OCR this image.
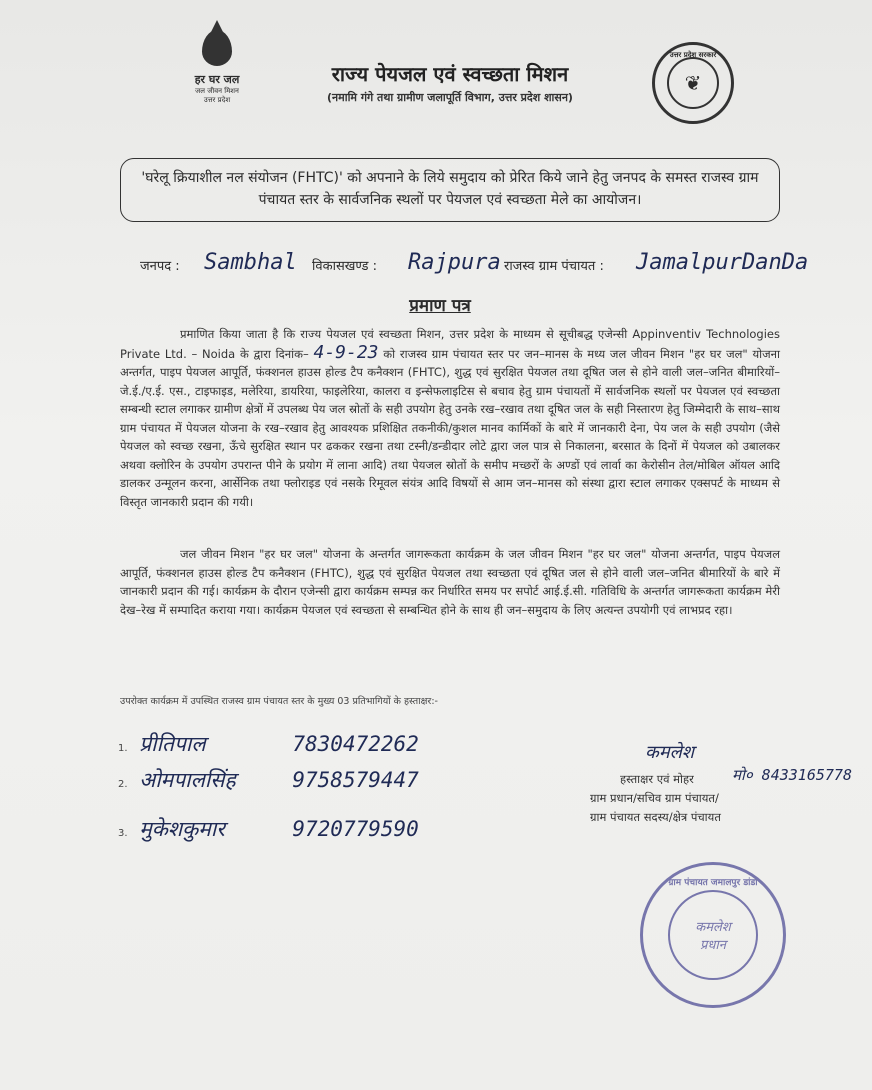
हर घर जल
जल जीवन मिशन
उत्तर प्रदेश
राज्य पेयजल एवं स्वच्छता मिशन
(नमामि गंगे तथा ग्रामीण जलापूर्ति विभाग, उत्तर प्रदेश शासन)
उत्तर प्रदेश सरकार
❦
'घरेलू क्रियाशील नल संयोजन (FHTC)' को अपनाने के लिये समुदाय को प्रेरित किये जाने हेतु जनपद के समस्त राजस्व ग्राम पंचायत स्तर के सार्वजनिक स्थलों पर पेयजल एवं स्वच्छता मेले का आयोजन।
जनपद : Sambhal विकासखण्ड : Rajpura राजस्व ग्राम पंचायत : JamalpurDanDa
प्रमाण पत्र
प्रमाणित किया जाता है कि राज्य पेयजल एवं स्वच्छता मिशन, उत्तर प्रदेश के माध्यम से सूचीबद्ध एजेन्सी Appinventiv Technologies Private Ltd. – Noida के द्वारा दिनांक– 4-9-23 को राजस्व ग्राम पंचायत स्तर पर जन–मानस के मध्य जल जीवन मिशन "हर घर जल" योजना अन्तर्गत, पाइप पेयजल आपूर्ति, फंक्शनल हाउस होल्ड टैप कनैक्शन (FHTC), शुद्ध एवं सुरक्षित पेयजल तथा दूषित जल से होने वाली जल–जनित बीमारियों–जे.ई./ए.ई. एस., टाइफाइड, मलेरिया, डायरिया, फाइलेरिया, कालरा व इन्सेफलाइटिस से बचाव हेतु ग्राम पंचायतों में सार्वजनिक स्थलों पर पेयजल एवं स्वच्छता सम्बन्धी स्टाल लगाकर ग्रामीण क्षेत्रों में उपलब्ध पेय जल स्रोतों के सही उपयोग हेतु उनके रख–रखाव तथा दूषित जल के सही निस्तारण हेतु जिम्मेदारी के साथ–साथ ग्राम पंचायत में पेयजल योजना के रख–रखाव हेतु आवश्यक प्रशिक्षित तकनीकी/कुशल मानव कार्मिकों के बारे में जानकारी देना, पेय जल के सही उपयोग (जैसे पेयजल को स्वच्छ रखना, ऊँचे सुरक्षित स्थान पर ढककर रखना तथा टस्नी/डन्डीदार लोटे द्वारा जल पात्र से निकालना, बरसात के दिनों में पेयजल को उबालकर अथवा क्लोरिन के उपयोग उपरान्त पीने के प्रयोग में लाना आदि) तथा पेयजल स्रोतों के समीप मच्छरों के अण्डों एवं लार्वा का केरोसीन तेल/मोबिल ऑयल आदि डालकर उन्मूलन करना, आर्सेनिक तथा फ्लोराइड एवं नसके रिमूवल संयंत्र आदि विषयों से आम जन–मानस को संस्था द्वारा स्टाल लगाकर एक्सपर्ट के माध्यम से विस्तृत जानकारी प्रदान की गयी।
जल जीवन मिशन "हर घर जल" योजना के अन्तर्गत जागरूकता कार्यक्रम के जल जीवन मिशन "हर घर जल" योजना अन्तर्गत, पाइप पेयजल आपूर्ति, फंक्शनल हाउस होल्ड टैप कनैक्शन (FHTC), शुद्ध एवं सुरक्षित पेयजल तथा स्वच्छता एवं दूषित जल से होने वाली जल–जनित बीमारियों के बारे में जानकारी प्रदान की गई। कार्यक्रम के दौरान एजेन्सी द्वारा कार्यक्रम सम्पन्न कर निर्धारित समय पर सपोर्ट आई.ई.सी. गतिविधि के अन्तर्गत जागरूकता कार्यक्रम मेरी देख–रेख में सम्पादित कराया गया। कार्यक्रम पेयजल एवं स्वच्छता से सम्बन्धित होने के साथ ही जन–समुदाय के लिए अत्यन्त उपयोगी एवं लाभप्रद रहा।
उपरोक्त कार्यक्रम में उपस्थित राजस्व ग्राम पंचायत स्तर के मुख्य 03 प्रतिभागियों के हस्ताक्षर:-
1. प्रीतिपाल	7830472262
2. ओमपालसिंह	9758579447
3. मुकेशकुमार	9720779590
कमलेश
मो० 8433165778
हस्ताक्षर एवं मोहर
ग्राम प्रधान/सचिव ग्राम पंचायत/
ग्राम पंचायत सदस्य/क्षेत्र पंचायत
ग्राम पंचायत जमालपुर डांडा
कमलेश
प्रधान
